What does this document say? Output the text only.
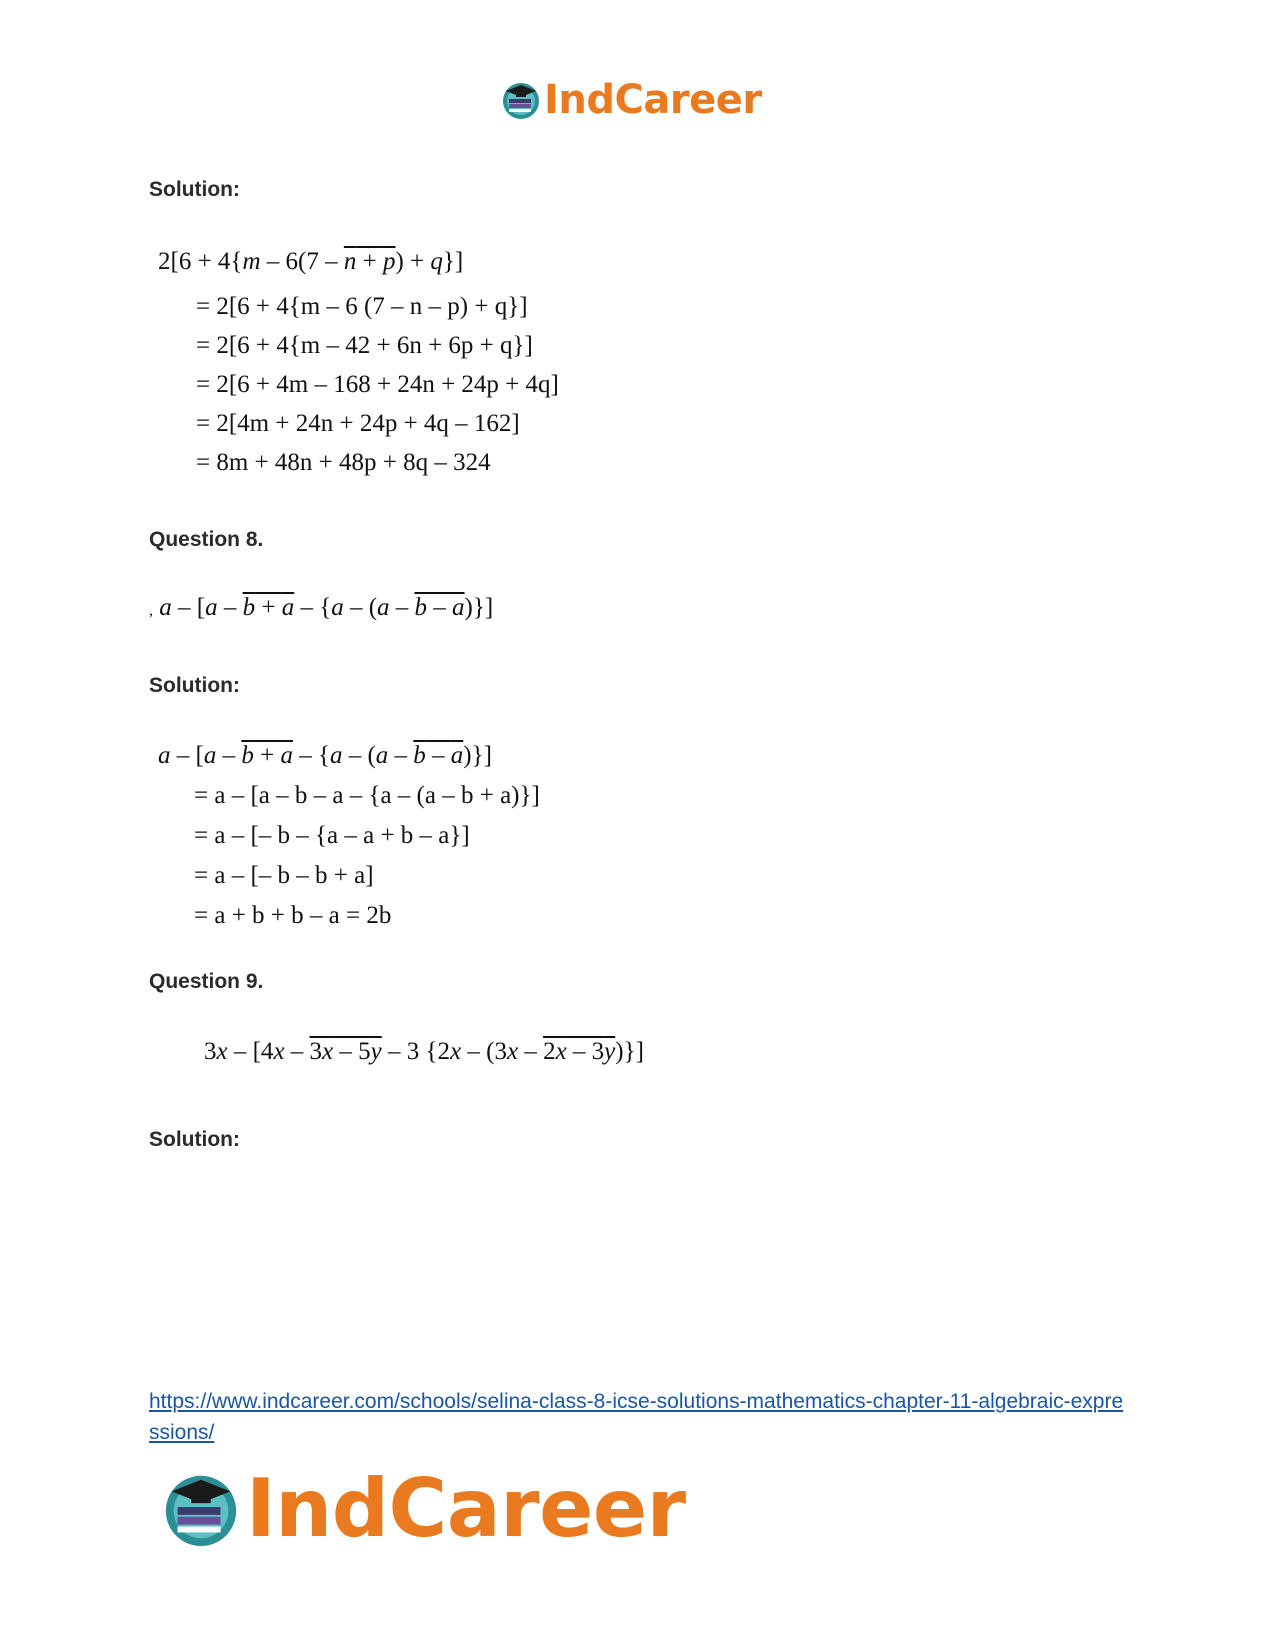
IndCareer
Solution:
2[6 + 4{m – 6(7 – n + p) + q}]
= 2[6 + 4{m – 6 (7 – n – p) + q}]
= 2[6 + 4{m – 42 + 6n + 6p + q}]
= 2[6 + 4m – 168 + 24n + 24p + 4q]
= 2[4m + 24n + 24p + 4q – 162]
= 8m + 48n + 48p + 8q – 324
Question 8.
, a – [a – b + a – {a – (a – b – a)}]
Solution:
a – [a – b + a – {a – (a – b – a)}]
= a – [a – b – a – {a – (a – b + a)}]
= a – [– b – {a – a + b – a}]
= a – [– b – b + a]
= a + b + b – a = 2b
Question 9.
3x – [4x – 3x – 5y – 3 {2x – (3x – 2x – 3y)}]
Solution:
https://www.indcareer.com/schools/selina-class-8-icse-solutions-mathematics-chapter-11-algebraic-expressions/
IndCareer
